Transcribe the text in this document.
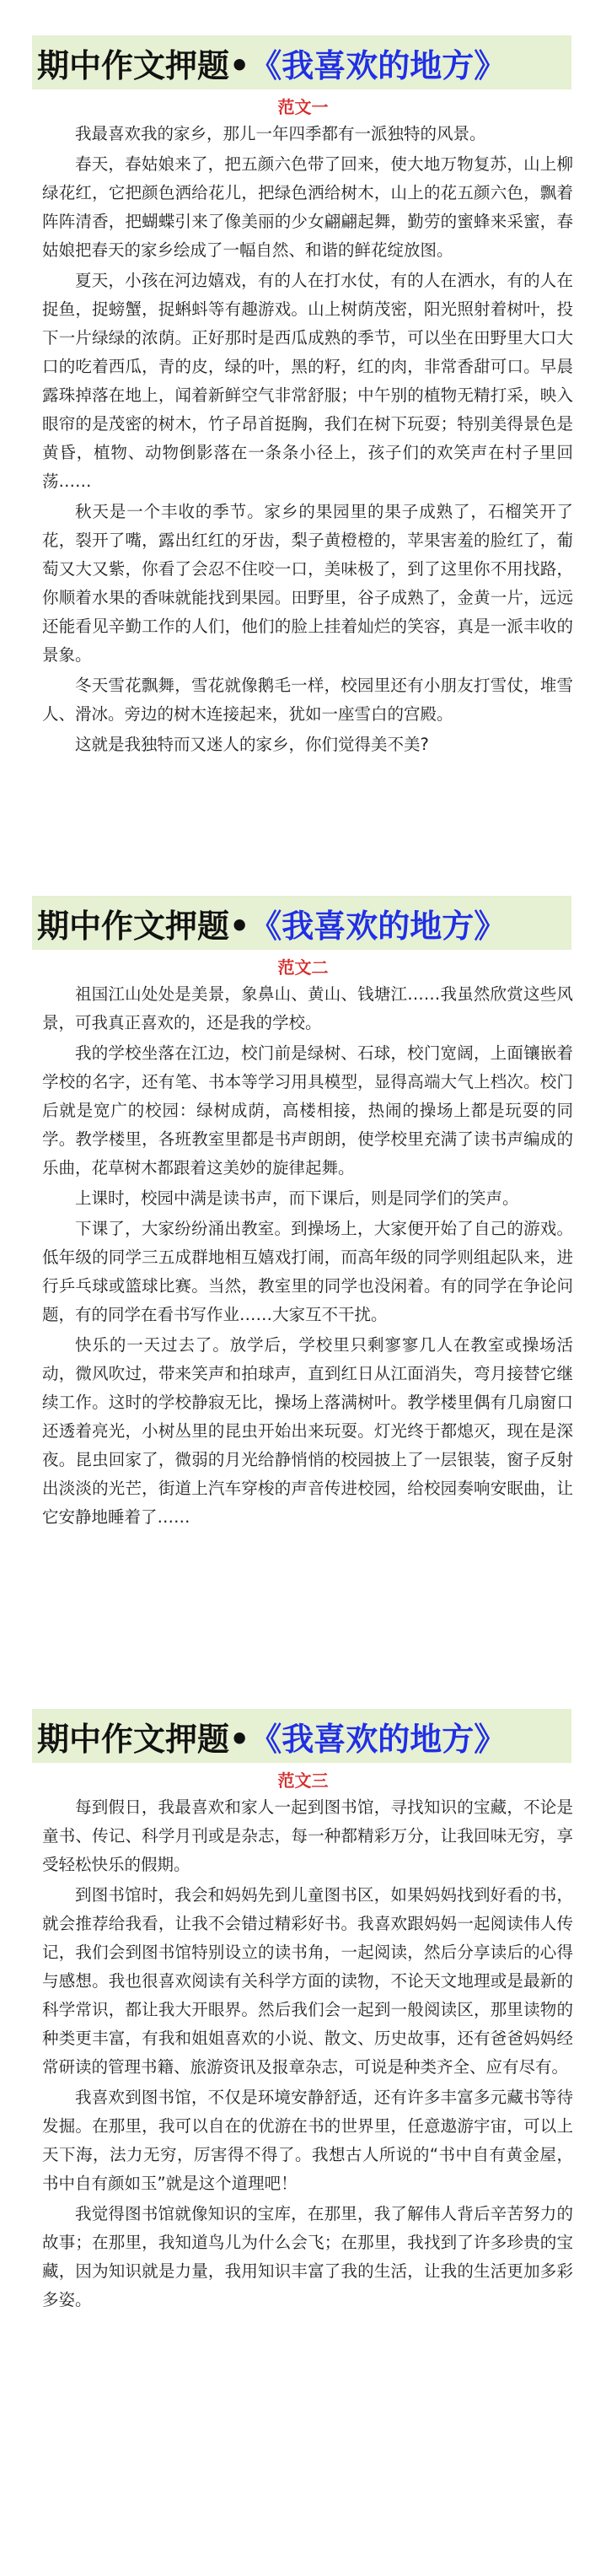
期中作文押题• 《我喜欢的地方》
范文一

我最喜欢我的家乡，那儿一年四季都有一派独特的风景。

春天，春姑娘来了，把五颜六色带了回来，使大地万物复苏，山上柳绿花红，它把颜色洒给花儿，把绿色洒给树木，山上的花五颜六色，飘着阵阵清香，把蝴蝶引来了像美丽的少女翩翩起舞，勤劳的蜜蜂来采蜜，春姑娘把春天的家乡绘成了一幅自然、和谐的鲜花绽放图。

夏天，小孩在河边嬉戏，有的人在打水仗，有的人在洒水，有的人在捉鱼，捉螃蟹，捉蝌蚪等有趣游戏。山上树荫茂密，阳光照射着树叶，投下一片绿绿的浓荫。正好那时是西瓜成熟的季节，可以坐在田野里大口大口的吃着西瓜，青的皮，绿的叶，黑的籽，红的肉，非常香甜可口。早晨露珠掉落在地上，闻着新鲜空气非常舒服；中午别的植物无精打采，映入眼帘的是茂密的树木，竹子昂首挺胸，我们在树下玩耍；特别美得景色是黄昏，植物、动物倒影落在一条条小径上，孩子们的欢笑声在村子里回荡……

秋天是一个丰收的季节。家乡的果园里的果子成熟了，石榴笑开了花，裂开了嘴，露出红红的牙齿，梨子黄橙橙的，苹果害羞的脸红了，葡萄又大又紫，你看了会忍不住咬一口，美味极了，到了这里你不用找路，你顺着水果的香味就能找到果园。田野里，谷子成熟了，金黄一片，远远还能看见辛勤工作的人们，他们的脸上挂着灿烂的笑容，真是一派丰收的景象。

冬天雪花飘舞，雪花就像鹅毛一样，校园里还有小朋友打雪仗，堆雪人、滑冰。旁边的树木连接起来，犹如一座雪白的宫殿。

这就是我独特而又迷人的家乡，你们觉得美不美?

期中作文押题• 《我喜欢的地方》
范文二

祖国江山处处是美景，象鼻山、黄山、钱塘江……我虽然欣赏这些风景，可我真正喜欢的，还是我的学校。

我的学校坐落在江边，校门前是绿树、石球，校门宽阔，上面镶嵌着学校的名字，还有笔、书本等学习用具模型，显得高端大气上档次。校门后就是宽广的校园：绿树成荫，高楼相接，热闹的操场上都是玩耍的同学。教学楼里，各班教室里都是书声朗朗，使学校里充满了读书声编成的乐曲，花草树木都跟着这美妙的旋律起舞。

上课时，校园中满是读书声，而下课后，则是同学们的笑声。

下课了，大家纷纷涌出教室。到操场上，大家便开始了自己的游戏。低年级的同学三五成群地相互嬉戏打闹，而高年级的同学则组起队来，进行乒乓球或篮球比赛。当然，教室里的同学也没闲着。有的同学在争论问题，有的同学在看书写作业……大家互不干扰。

快乐的一天过去了。放学后，学校里只剩寥寥几人在教室或操场活动，微风吹过，带来笑声和拍球声，直到红日从江面消失，弯月接替它继续工作。这时的学校静寂无比，操场上落满树叶。教学楼里偶有几扇窗口还透着亮光，小树丛里的昆虫开始出来玩耍。灯光终于都熄灭，现在是深夜。昆虫回家了，微弱的月光给静悄悄的校园披上了一层银装，窗子反射出淡淡的光芒，街道上汽车穿梭的声音传进校园，给校园奏响安眠曲，让它安静地睡着了……

期中作文押题• 《我喜欢的地方》
范文三

每到假日，我最喜欢和家人一起到图书馆，寻找知识的宝藏，不论是童书、传记、科学月刊或是杂志，每一种都精彩万分，让我回味无穷，享受轻松快乐的假期。

到图书馆时，我会和妈妈先到儿童图书区，如果妈妈找到好看的书，就会推荐给我看，让我不会错过精彩好书。我喜欢跟妈妈一起阅读伟人传记，我们会到图书馆特别设立的读书角，一起阅读，然后分享读后的心得与感想。我也很喜欢阅读有关科学方面的读物，不论天文地理或是最新的科学常识，都让我大开眼界。然后我们会一起到一般阅读区，那里读物的种类更丰富，有我和姐姐喜欢的小说、散文、历史故事，还有爸爸妈妈经常研读的管理书籍、旅游资讯及报章杂志，可说是种类齐全、应有尽有。

我喜欢到图书馆，不仅是环境安静舒适，还有许多丰富多元藏书等待发掘。在那里，我可以自在的优游在书的世界里，任意遨游宇宙，可以上天下海，法力无穷，厉害得不得了。我想古人所说的“书中自有黄金屋，书中自有颜如玉”就是这个道理吧！

我觉得图书馆就像知识的宝库，在那里，我了解伟人背后辛苦努力的故事；在那里，我知道鸟儿为什么会飞；在那里，我找到了许多珍贵的宝藏，因为知识就是力量，我用知识丰富了我的生活，让我的生活更加多彩多姿。
